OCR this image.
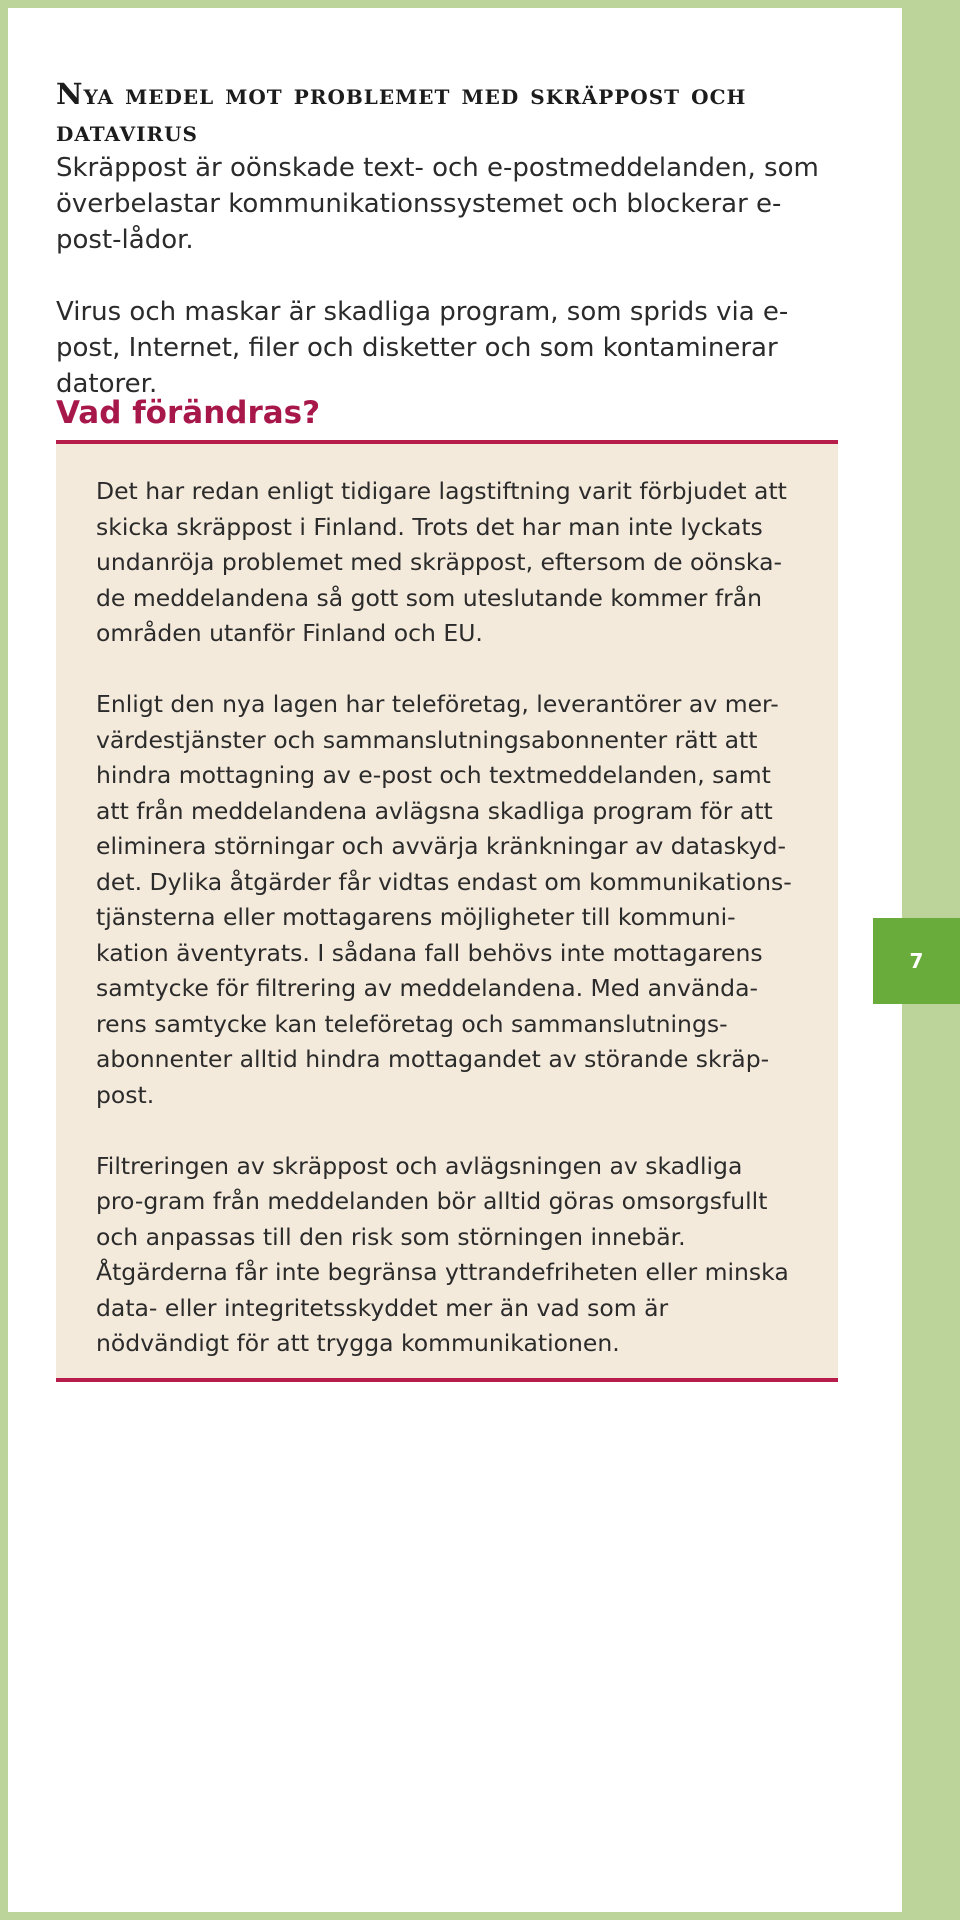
Nya medel mot problemet med skräppost och datavirus

Skräppost är oönskade text- och e-postmeddelanden, som överbelastar kommunikationssystemet och blockerar e-post-lådor.

Virus och maskar är skadliga program, som sprids via e-post, Internet, filer och disketter och som kontaminerar datorer.

Vad förändras?

Det har redan enligt tidigare lagstiftning varit förbjudet att skicka skräppost i Finland. Trots det har man inte lyckats undanröja problemet med skräppost, eftersom de oönska-de meddelandena så gott som uteslutande kommer från områden utanför Finland och EU.

Enligt den nya lagen har teleföretag, leverantörer av mer-värdestjänster och sammanslutningsabonnenter rätt att hindra mottagning av e-post och textmeddelanden, samt att från meddelandena avlägsna skadliga program för att eliminera störningar och avvärja kränkningar av dataskyd-det. Dylika åtgärder får vidtas endast om kommunikations-tjänsterna eller mottagarens möjligheter till kommuni-kation äventyrats. I sådana fall behövs inte mottagarens samtycke för filtrering av meddelandena. Med använda-rens samtycke kan teleföretag och sammanslutnings-abonnenter alltid hindra mottagandet av störande skräp-post.

Filtreringen av skräppost och avlägsningen av skadliga pro-gram från meddelanden bör alltid göras omsorgsfullt och anpassas till den risk som störningen innebär. Åtgärderna får inte begränsa yttrandefriheten eller minska data- eller integritetsskyddet mer än vad som är nödvändigt för att trygga kommunikationen.

7
